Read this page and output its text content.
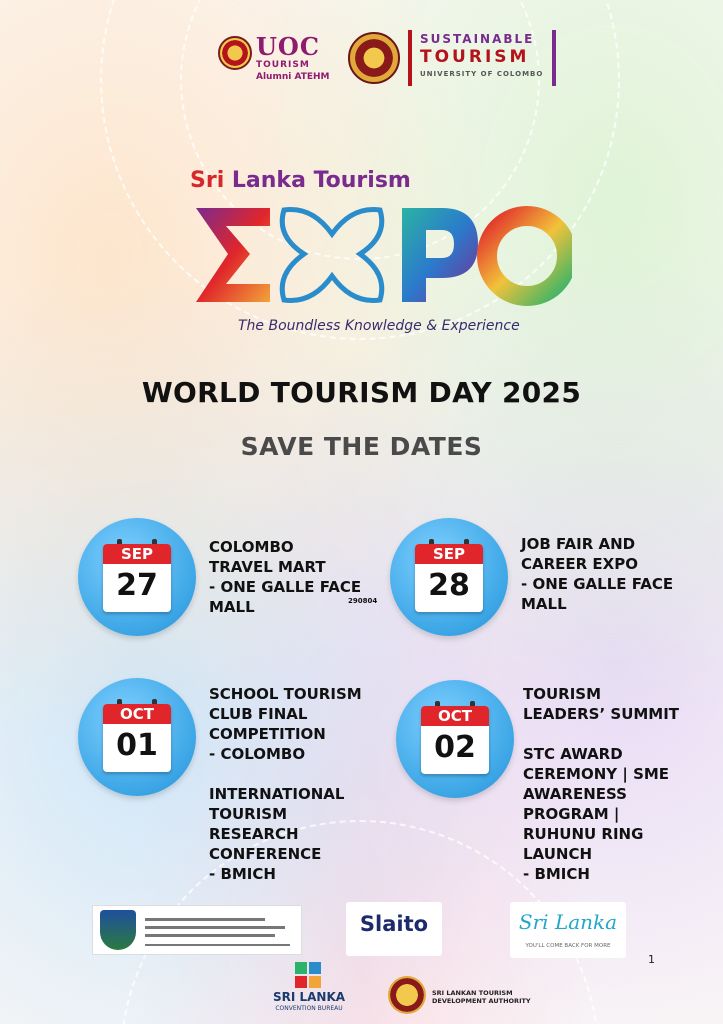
UOC
TOURISM
Alumni ATEHM
SUSTAINABLE
TOURISM
UNIVERSITY OF COLOMBO
Sri Lanka Tourism
The Boundless Knowledge & Experience
WORLD TOURISM DAY 2025
SAVE THE DATES
SEP
27
COLOMBO
TRAVEL MART
- ONE GALLE FACE
MALL	290804
SEP
28
JOB FAIR AND
CAREER EXPO
- ONE GALLE FACE
MALL
OCT
01
SCHOOL TOURISM
CLUB FINAL
COMPETITION
- COLOMBO

INTERNATIONAL
TOURISM
RESEARCH
CONFERENCE
- BMICH
OCT
02
TOURISM
LEADERS’ SUMMIT

STC AWARD
CEREMONY | SME
AWARENESS
PROGRAM |
RUHUNU RING
LAUNCH
- BMICH
Slaito	Sri Lanka
YOU'LL COME BACK FOR MORE
1
SRI LANKA
CONVENTION BUREAU
SRI LANKAN TOURISM
DEVELOPMENT AUTHORITY
